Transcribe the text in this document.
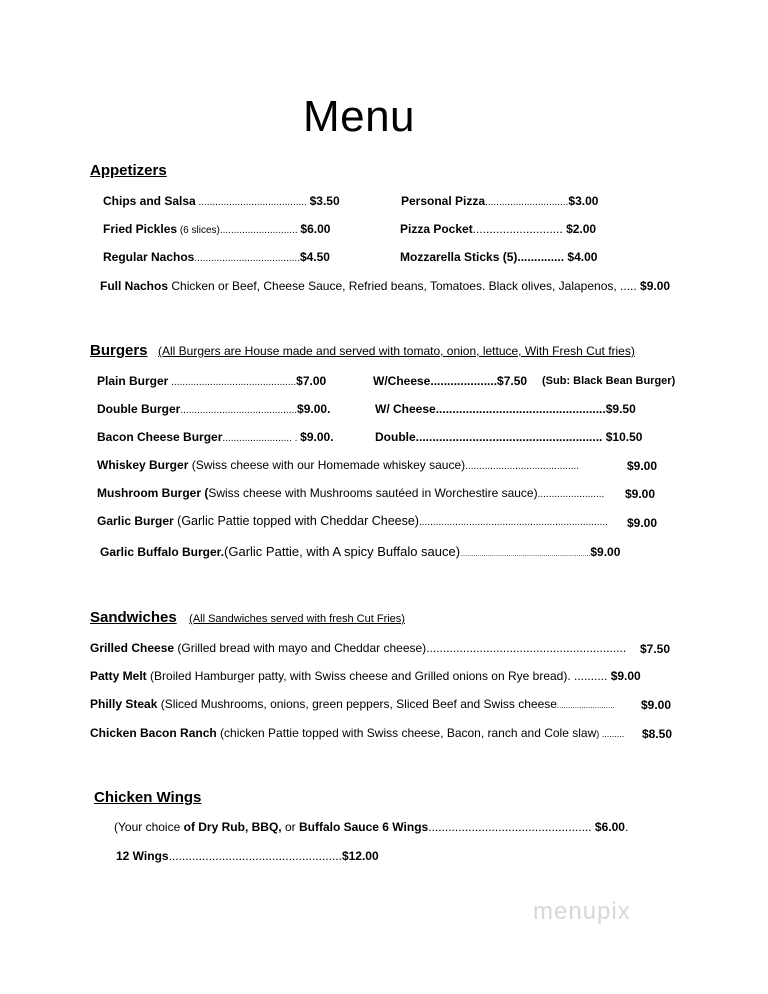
Menu
Appetizers
Chips and Salsa ....................................... $3.50
Fried Pickles (6 slices)............................ $6.00
Regular Nachos......................................$4.50
Personal Pizza..............................$3.00
Pizza Pocket........................... $2.00
Mozzarella Sticks (5).............. $4.00
Full Nachos Chicken or Beef, Cheese Sauce, Refried beans, Tomatoes. Black olives, Jalapenos, ..... $9.00
Burgers (All Burgers are House made and served with tomato, onion, lettuce, With Fresh Cut fries)
Plain Burger .............................................$7.00
Double Burger..........................................$9.00.
Bacon Cheese Burger......................... . $9.00.
W/Cheese....................$7.50 (Sub: Black Bean Burger)
W/ Cheese...................................................$9.50
Double........................................................ $10.50
Whiskey Burger (Swiss cheese with our Homemade whiskey sauce).........................................	$9.00
Mushroom Burger (Swiss cheese with Mushrooms sautéed in Worchestire sauce)........................ $9.00
Garlic Burger (Garlic Pattie topped with Cheddar Cheese).................................................................... $9.00
Garlic Buffalo Burger.(Garlic Pattie, with A spicy Buffalo sauce)...................................................................$9.00
Sandwiches (All Sandwiches served with fresh Cut Fries)
Grilled Cheese (Grilled bread with mayo and Cheddar cheese)............................................................ $7.50
Patty Melt (Broiled Hamburger patty, with Swiss cheese and Grilled onions on Rye bread). .......... $9.00
Philly Steak (Sliced Mushrooms, onions, green peppers, Sliced Beef and Swiss cheese.......................... $9.00
Chicken Bacon Ranch (chicken Pattie topped with Swiss cheese, Bacon, ranch and Cole slaw) ......... $8.50
Chicken Wings
(Your choice of Dry Rub, BBQ, or Buffalo Sauce 6 Wings................................................. $6.00.
12 Wings....................................................$12.00
menupix
